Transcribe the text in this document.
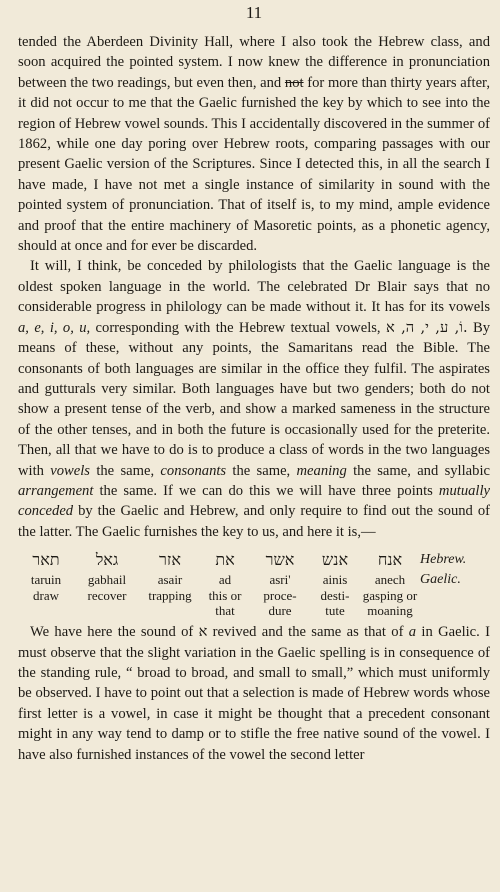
11

tended the Aberdeen Divinity Hall, where I also took the Hebrew class, and soon acquired the pointed system. I now knew the difference in pronunciation between the two readings, but even then, and not for more than thirty years after, it did not occur to me that the Gaelic furnished the key by which to see into the region of Hebrew vowel sounds. This I accidentally discovered in the summer of 1862, while one day poring over Hebrew roots, comparing passages with our present Gaelic version of the Scriptures. Since I detected this, in all the search I have made, I have not met a single instance of similarity in sound with the pointed system of pronunciation. That of itself is, to my mind, ample evidence and proof that the entire machinery of Masoretic points, as a phonetic agency, should at once and for ever be discarded.

It will, I think, be conceded by philologists that the Gaelic language is the oldest spoken language in the world. The celebrated Dr Blair says that no considerable progress in philology can be made without it. It has for its vowels a, e, i, o, u, corresponding with the Hebrew textual vowels, וֹ, ע, י, ה, א. By means of these, without any points, the Samaritans read the Bible. The consonants of both languages are similar in the office they fulfil. The aspirates and gutturals very similar. Both languages have but two genders; both do not show a present tense of the verb, and show a marked sameness in the structure of the other tenses, and in both the future is occasionally used for the preterite. Then, all that we have to do is to produce a class of words in the two languages with vowels the same, consonants the same, meaning the same, and syllabic arrangement the same. If we can do this we will have three points mutually conceded by the Gaelic and Hebrew, and only require to find out the sound of the latter. The Gaelic furnishes the key to us, and here it is,—

תאר
taruin
draw
גאל
gabhail
recover
אזר
asair
trapping
את
ad
this or
that
אשר
asri'
proce-
dure
אנש
ainis
desti-
tute
אנח
anech
gasping or
moaning
Hebrew.
Gaelic.

We have here the sound of א revived and the same as that of a in Gaelic. I must observe that the slight variation in the Gaelic spelling is in consequence of the standing rule, “ broad to broad, and small to small,” which must uniformly be observed. I have to point out that a selection is made of Hebrew words whose first letter is a vowel, in case it might be thought that a precedent consonant might in any way tend to damp or to stifle the free native sound of the vowel. I have also furnished instances of the vowel the second letter
